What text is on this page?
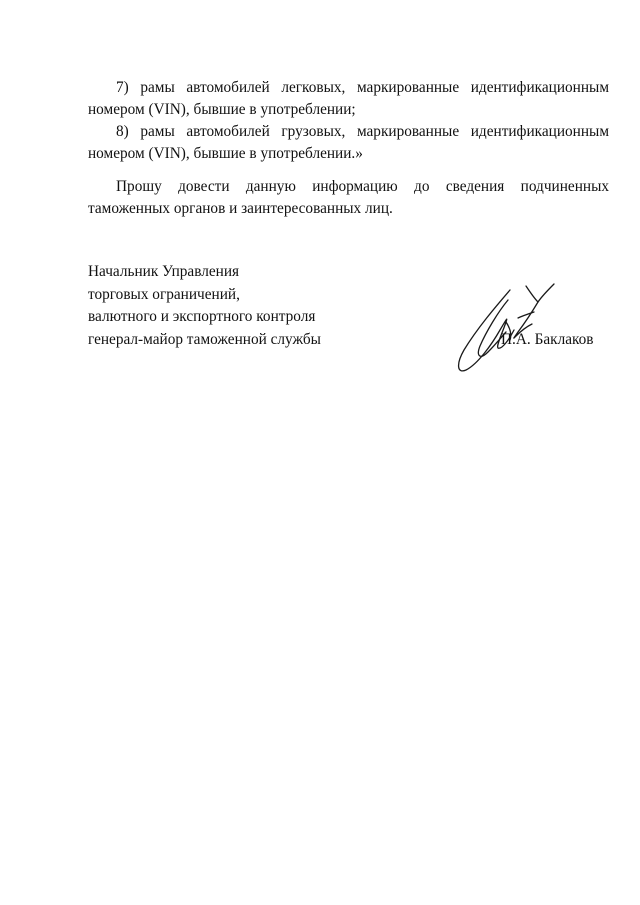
7) рамы автомобилей легковых, маркированные идентификационным номером (VIN), бывшие в употреблении;

8) рамы автомобилей грузовых, маркированные идентификационным номером (VIN), бывшие в употреблении.»

Прошу довести данную информацию до сведения подчиненных таможенных органов и заинтересованных лиц.

Начальник Управления
торговых ограничений,
валютного и экспортного контроля
генерал-майор таможенной службы	П.А. Баклаков
